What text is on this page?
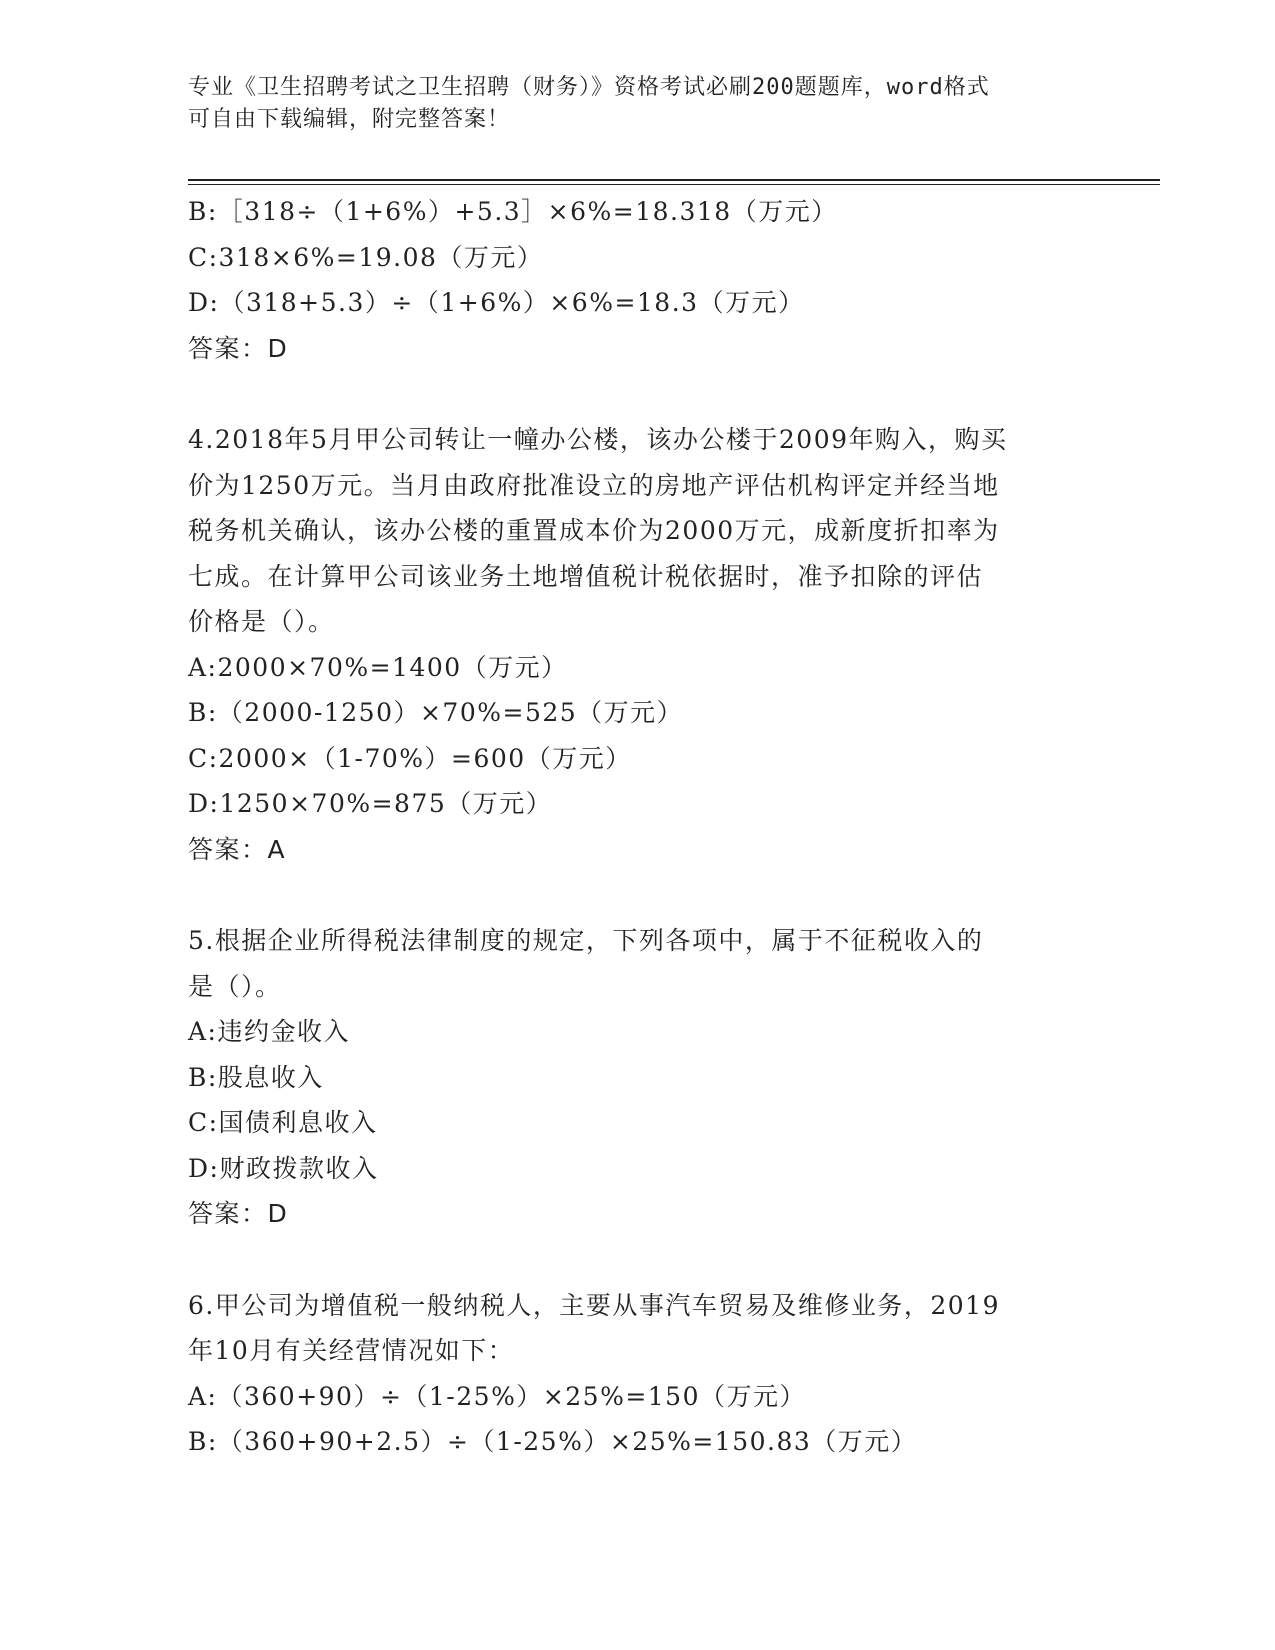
专业《卫生招聘考试之卫生招聘（财务）》资格考试必刷200题题库，word格式
可自由下载编辑，附完整答案！
B:［318÷（1+6%）+5.3］×6%=18.318（万元）
C:318×6%=19.08（万元）
D:（318+5.3）÷（1+6%）×6%=18.3（万元）
答案：D
4.2018年5月甲公司转让一幢办公楼，该办公楼于2009年购入，购买
价为1250万元。当月由政府批准设立的房地产评估机构评定并经当地
税务机关确认，该办公楼的重置成本价为2000万元，成新度折扣率为
七成。在计算甲公司该业务土地增值税计税依据时，准予扣除的评估
价格是（）。
A:2000×70%=1400（万元）
B:（2000-1250）×70%=525（万元）
C:2000×（1-70%）=600（万元）
D:1250×70%=875（万元）
答案：A
5.根据企业所得税法律制度的规定，下列各项中，属于不征税收入的
是（）。
A:违约金收入
B:股息收入
C:国债利息收入
D:财政拨款收入
答案：D
6.甲公司为增值税一般纳税人，主要从事汽车贸易及维修业务，2019
年10月有关经营情况如下：
A:（360+90）÷（1-25%）×25%=150（万元）
B:（360+90+2.5）÷（1-25%）×25%=150.83（万元）
